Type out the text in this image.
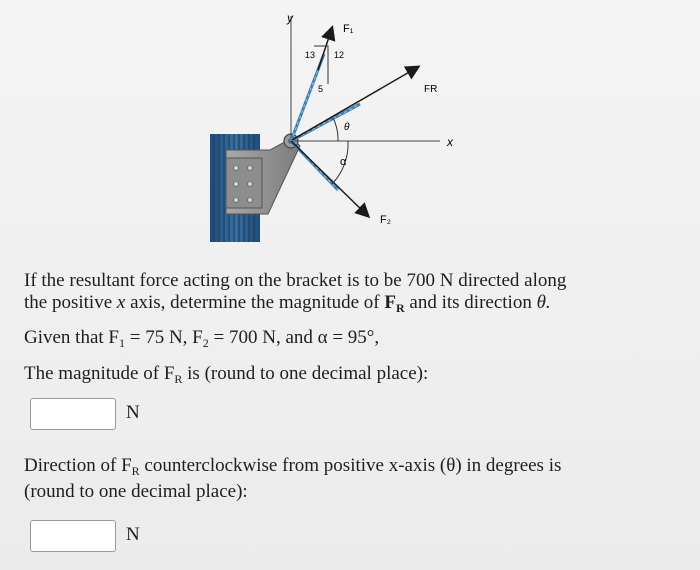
y
F₁
13 12
5	FR
θ
x
α
F₂
If the resultant force acting on the bracket is to be 700 N directed along
the positive x axis, determine the magnitude of $F_R$ and its direction θ.
Given that $F_1 = 75$ N, $F_2 = 700$ N, and α = 95°,
The magnitude of $F_R$ is (round to one decimal place):
N
Direction of $F_R$ counterclockwise from positive x-axis (θ) in degrees is
(round to one decimal place):
N
